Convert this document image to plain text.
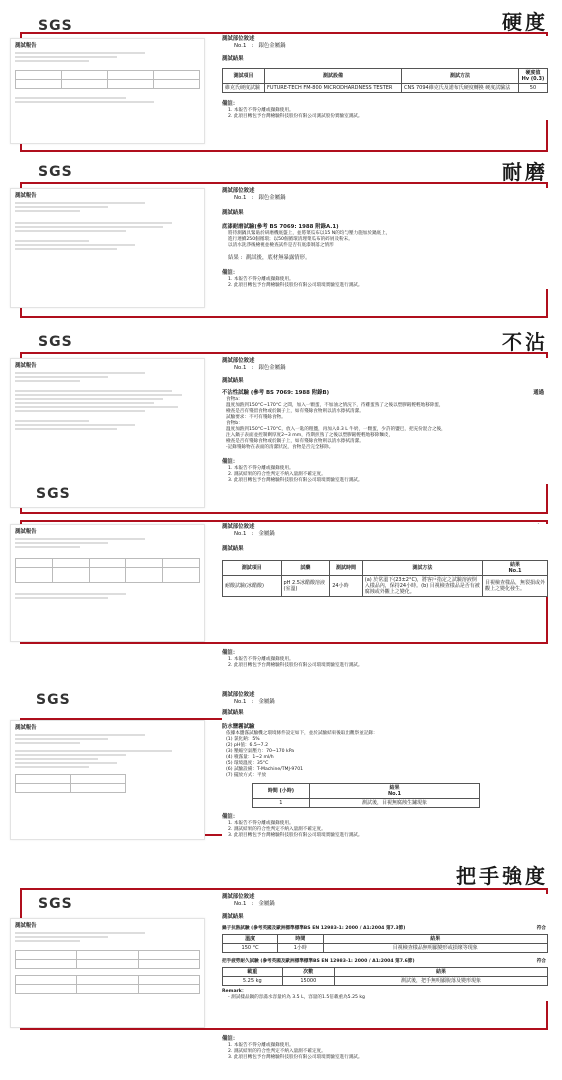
硬度
SGS
測試報告

測試部位敘述
No.1   :   銀色金屬鍋
測試結果
測試項目	測試設備	測試方法	硬度值
Hv (0.3)
維克氏硬度試驗	FUTURE-TECH FM-800 MICRODHARDNESS TESTER	CNS 7094維克氏及諾布氏硬度轉換 硬度試驗法	50
備註：
1. 本報告不得分離或擷錄使用。
2. 此項目轉包予台灣檢驗科技股份有限公司測試股份實驗室測試。
耐磨
SGS
測試報告
測試部位敘述
No.1   :   銀色金屬鍋
測試結果
底漆耐磨試驗(參考 BS 7069: 1988 附錄A.1)
將待測鍋具緊貼於研磨機底盤上，並將菜瓜布以15 N的均勻壓力施加於鍋底上，
進行連續250個循環；以50個循環清理菜瓜布的碎屑及粉末。
以清水洗淨後檢視並檢查試件是否有底漆剝落之情形
結果 :  測試後，底材無暴露情形。
備註：
1. 本報告不得分離或擷錄使用。
2. 此項目轉包予台灣檢驗科技股份有限公司環境實驗室進行測試。
不沾
SGS
測試報告
測試部位敘述
No.1   :   銀色金屬鍋
測試結果
不沾性試驗 (參考 BS 7069: 1988 附錄B)	通過
食物a：
溫度加熱到150°C~170°C 之間，加入一顆蛋，不加油之情況下，待雞蛋熟了之後以塑膠鏟輕輕地移除蛋，
檢查是否有殘留食物或於鍋子上，如有殘餘食物則以清水擦拭清潔。
試驗要求：不可有殘餘食物。
食物b：
溫度加熱到150°C~170°C，放入一匙的粗鹽，再加入0.3 L 牛奶，一顆蛋，少許的鹽巴，把充份混合之後，
注入鍋子表面並控制剩厚度2~3 mm，待期煎熟了之後以塑膠鏟輕輕地移除麵皮，
檢查是否有殘餘食物或於鍋子上，如有殘餘食物則以清水擦拭清潔。
-記錄殘餘物在表面的清潔狀況，食物是否完全移除。
備註：
1. 本報告不得分離或擷錄使用。
2. 測試結果的符合性判定不納入量測不確定度。
3. 此項目轉包予台灣檢驗科技股份有限公司環境實驗室進行測試。
SGS
測試報告

測試部位敘述
No.1   :   金屬鍋
測試結果
測試項目	試藥	測試時間	測試方法	結果
No.1
耐酸試驗(冰醋酸)	pH 2.5冰醋酸溶液(室溫)	24小時	(a) 於常溫下(23±2°C)，將客戶指定之試驗溶液倒入樣品內，保持24小時。(b) 目視檢查樣品是否有被腐蝕或外觀上之變化。	目視檢查樣品，無裂損或外觀上之變化發生。
備註：
1. 本報告不得分離或擷錄使用。
2. 此項目轉包予台灣檢驗科技股份有限公司環境實驗室進行測試。
SGS
測試報告

測試部位敘述
No.1   :   金屬鍋
測試結果
防水鹽霧試驗
依據本鹽霧試驗機之環境條件設定如下，並於試驗結束後取出觀察並記錄：
(1) 氯化鈉：5%
(2) pH值：6.5~7.2
(3) 壓縮空氣壓力：70~170 kPa
(4) 噴霧量：1~2 ml/h
(5) 環境溫度：35°C
(6) 試驗設備：T-Machine/TMJ-9701
(7) 擺放方式：平放
時間 (小時)	結果
No.1
1	測試後，目視無腐蝕生鏽現象
備註：
1. 本報告不得分離或擷錄使用。
2. 測試結果的符合性判定不納入量測不確定度。
3. 此項目轉包予台灣檢驗科技股份有限公司環境實驗室進行測試。
把手強度
SGS
測試報告

測試部位敘述
No.1   :   金屬鍋
測試結果
鍋子抗熱試驗 (參考英國及歐洲標準標準BS EN 12983-1: 2000 / A1:2004 第7.3節)	符合
溫度	時間	結果
150 °C	1小時	目視檢查樣品無明顯變形或損壞等現象
把手疲勞耐久試驗 (參考英國及歐洲標準標準BS EN 12983-1: 2000 / A1:2004 第7.6節)	符合
載重	次數	結果
5.25 kg	15000	測試後，把手無明顯脫落及變形現象
Remark：
- 測試樣品鍋的容滿水容量約為 3.5 L，容量的1.5倍載重為5.25 kg
備註：
1. 本報告不得分離或擷錄使用。
2. 測試結果的符合性判定不納入量測不確定度。
3. 此項目轉包予台灣檢驗科技股份有限公司環境實驗室進行測試。
